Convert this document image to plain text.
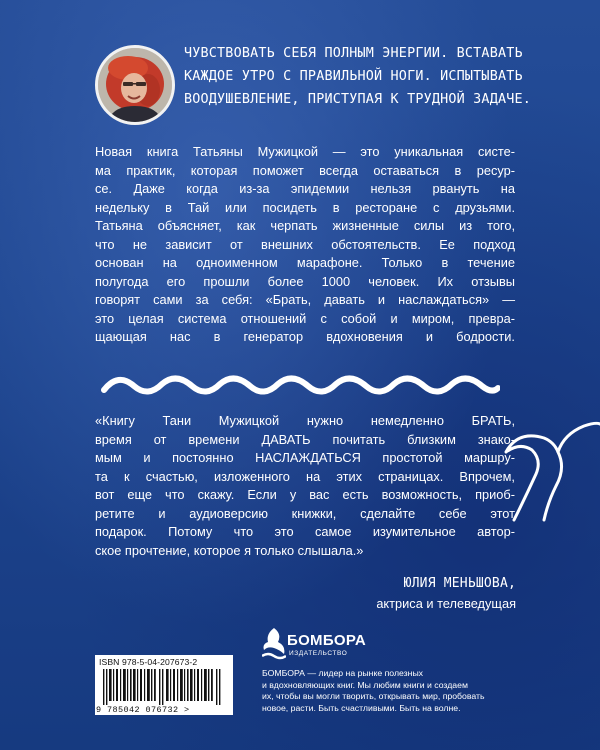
ЧУВСТВОВАТЬ СЕБЯ ПОЛНЫМ ЭНЕРГИИ. ВСТАВАТЬ

КАЖДОЕ УТРО С ПРАВИЛЬНОЙ НОГИ. ИСПЫТЫВАТЬ

ВООДУШЕВЛЕНИЕ, ПРИСТУПАЯ К ТРУДНОЙ ЗАДАЧЕ.

Новая книга Татьяны Мужицкой — это уникальная систе-

ма практик, которая поможет всегда оставаться в ресур-

се. Даже когда из-за эпидемии нельзя рвануть на

недельку в Тай или посидеть в ресторане с друзьями.

Татьяна объясняет, как черпать жизненные силы из того,

что не зависит от внешних обстоятельств. Ее подход

основан на одноименном марафоне. Только в течение

полугода его прошли более 1000 человек. Их отзывы

говорят сами за себя: «Брать, давать и наслаждаться» —

это целая система отношений с собой и миром, превра-

щающая нас в генератор вдохновения и бодрости.

«Книгу Тани Мужицкой нужно немедленно БРАТЬ,

время от времени ДАВАТЬ почитать близким знако-

мым и постоянно НАСЛАЖДАТЬСЯ простотой маршру-

та к счастью, изложенного на этих страницах. Впрочем,

вот еще что скажу. Если у вас есть возможность, приоб-

ретите и аудиоверсию книжки, сделайте себе этот

подарок. Потому что это самое изумительное автор-

ское прочтение, которое я только слышала.»

ЮЛИЯ МЕНЬШОВА,
актриса и телеведущая
ISBN 978-5-04-207673-2
9 785042 076732 >
БОМБОРА
ИЗДАТЕЛЬСТВО

БОМБОРА — лидер на рынке полезных

и вдохновляющих книг. Мы любим книги и создаем

их, чтобы вы могли творить, открывать мир, пробовать

новое, расти. Быть счастливыми. Быть на волне.
